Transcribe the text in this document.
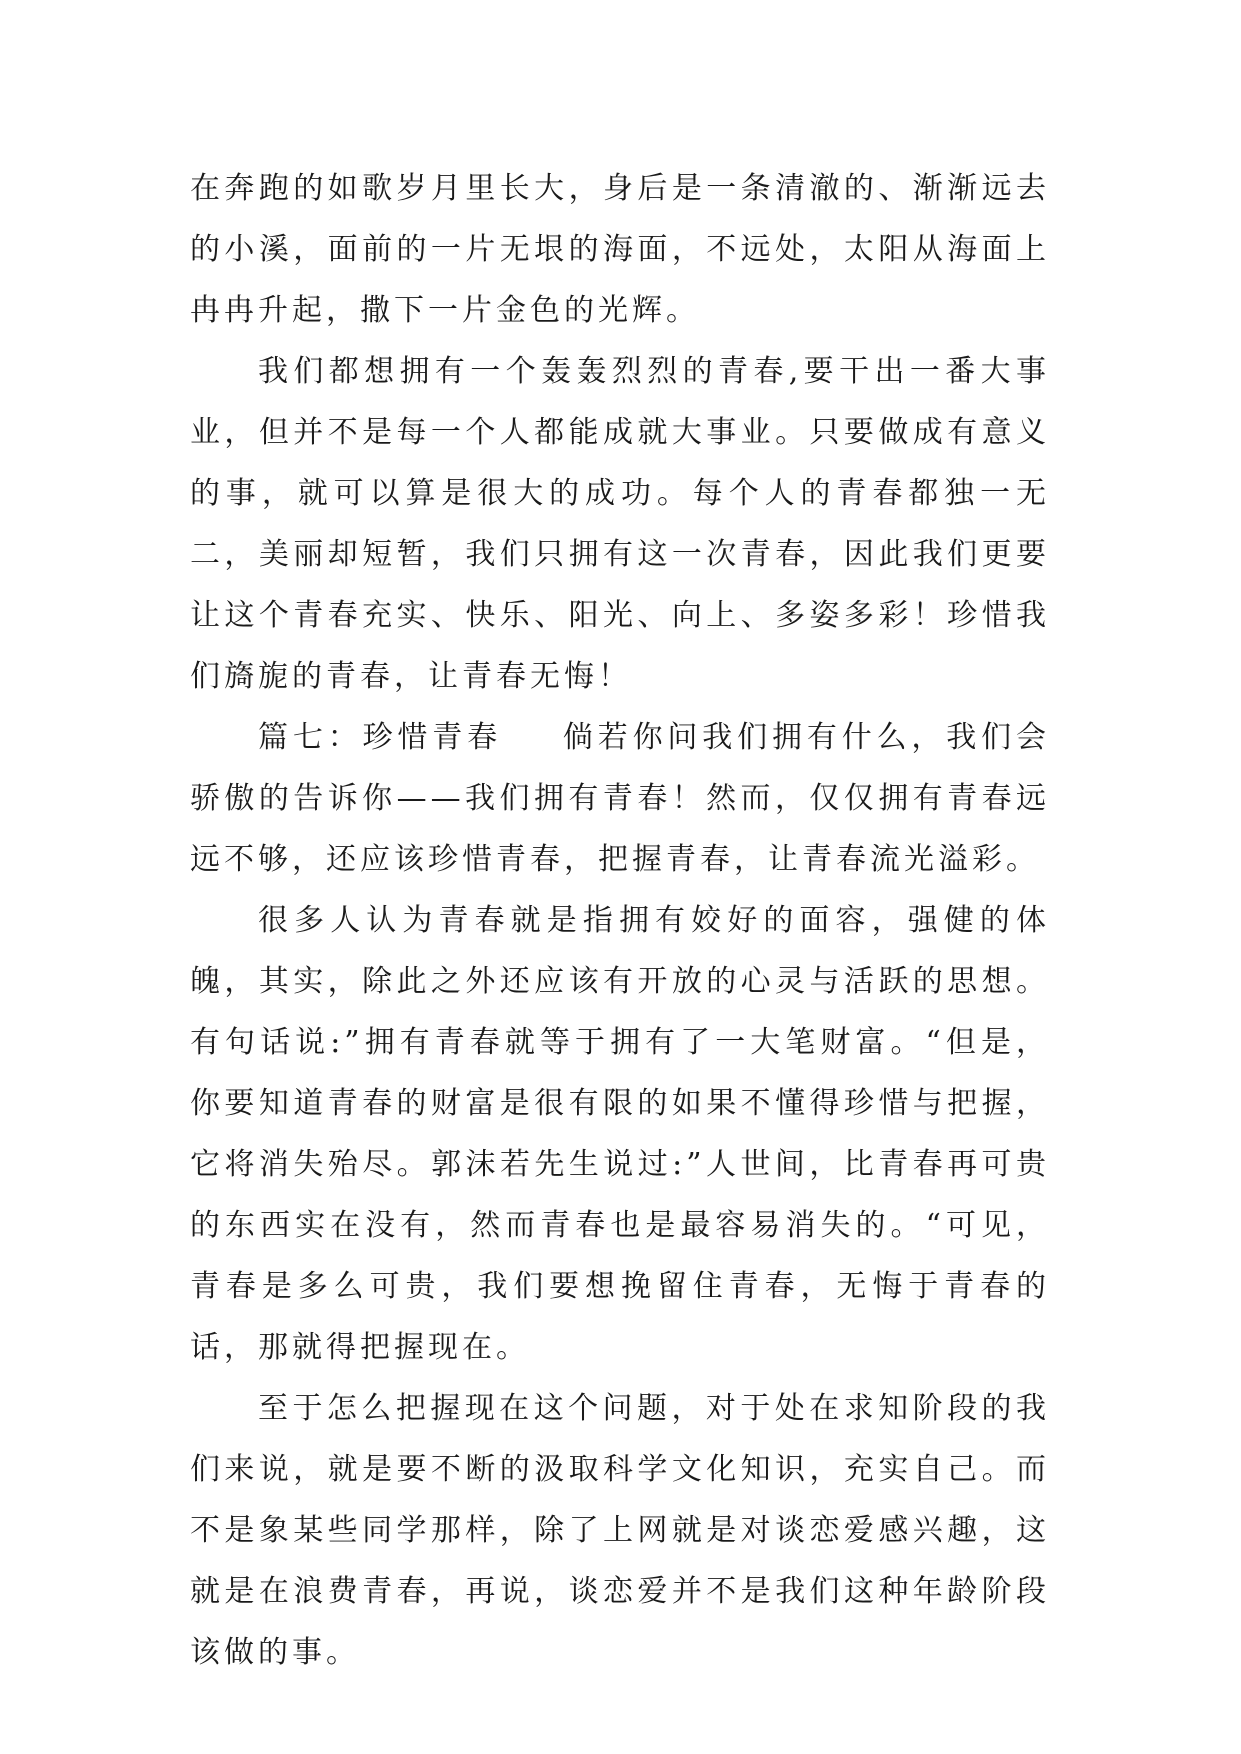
在奔跑的如歌岁月里长大，身后是一条清澈的、渐渐远去的小溪，面前的一片无垠的海面，不远处，太阳从海面上冉冉升起，撒下一片金色的光辉。

我们都想拥有一个轰轰烈烈的青春,要干出一番大事业，但并不是每一个人都能成就大事业。只要做成有意义的事，就可以算是很大的成功。每个人的青春都独一无二，美丽却短暂，我们只拥有这一次青春，因此我们更要让这个青春充实、快乐、阳光、向上、多姿多彩！珍惜我们旖旎的青春，让青春无悔！

篇七：珍惜青春 倘若你问我们拥有什么，我们会骄傲的告诉你——我们拥有青春！然而，仅仅拥有青春远远不够，还应该珍惜青春，把握青春，让青春流光溢彩。

很多人认为青春就是指拥有姣好的面容，强健的体魄，其实，除此之外还应该有开放的心灵与活跃的思想。有句话说:”拥有青春就等于拥有了一大笔财富。“但是，你要知道青春的财富是很有限的如果不懂得珍惜与把握，它将消失殆尽。郭沫若先生说过:”人世间，比青春再可贵的东西实在没有，然而青春也是最容易消失的。“可见，青春是多么可贵，我们要想挽留住青春，无悔于青春的话，那就得把握现在。

至于怎么把握现在这个问题，对于处在求知阶段的我们来说，就是要不断的汲取科学文化知识，充实自己。而不是象某些同学那样，除了上网就是对谈恋爱感兴趣，这就是在浪费青春，再说，谈恋爱并不是我们这种年龄阶段该做的事。
